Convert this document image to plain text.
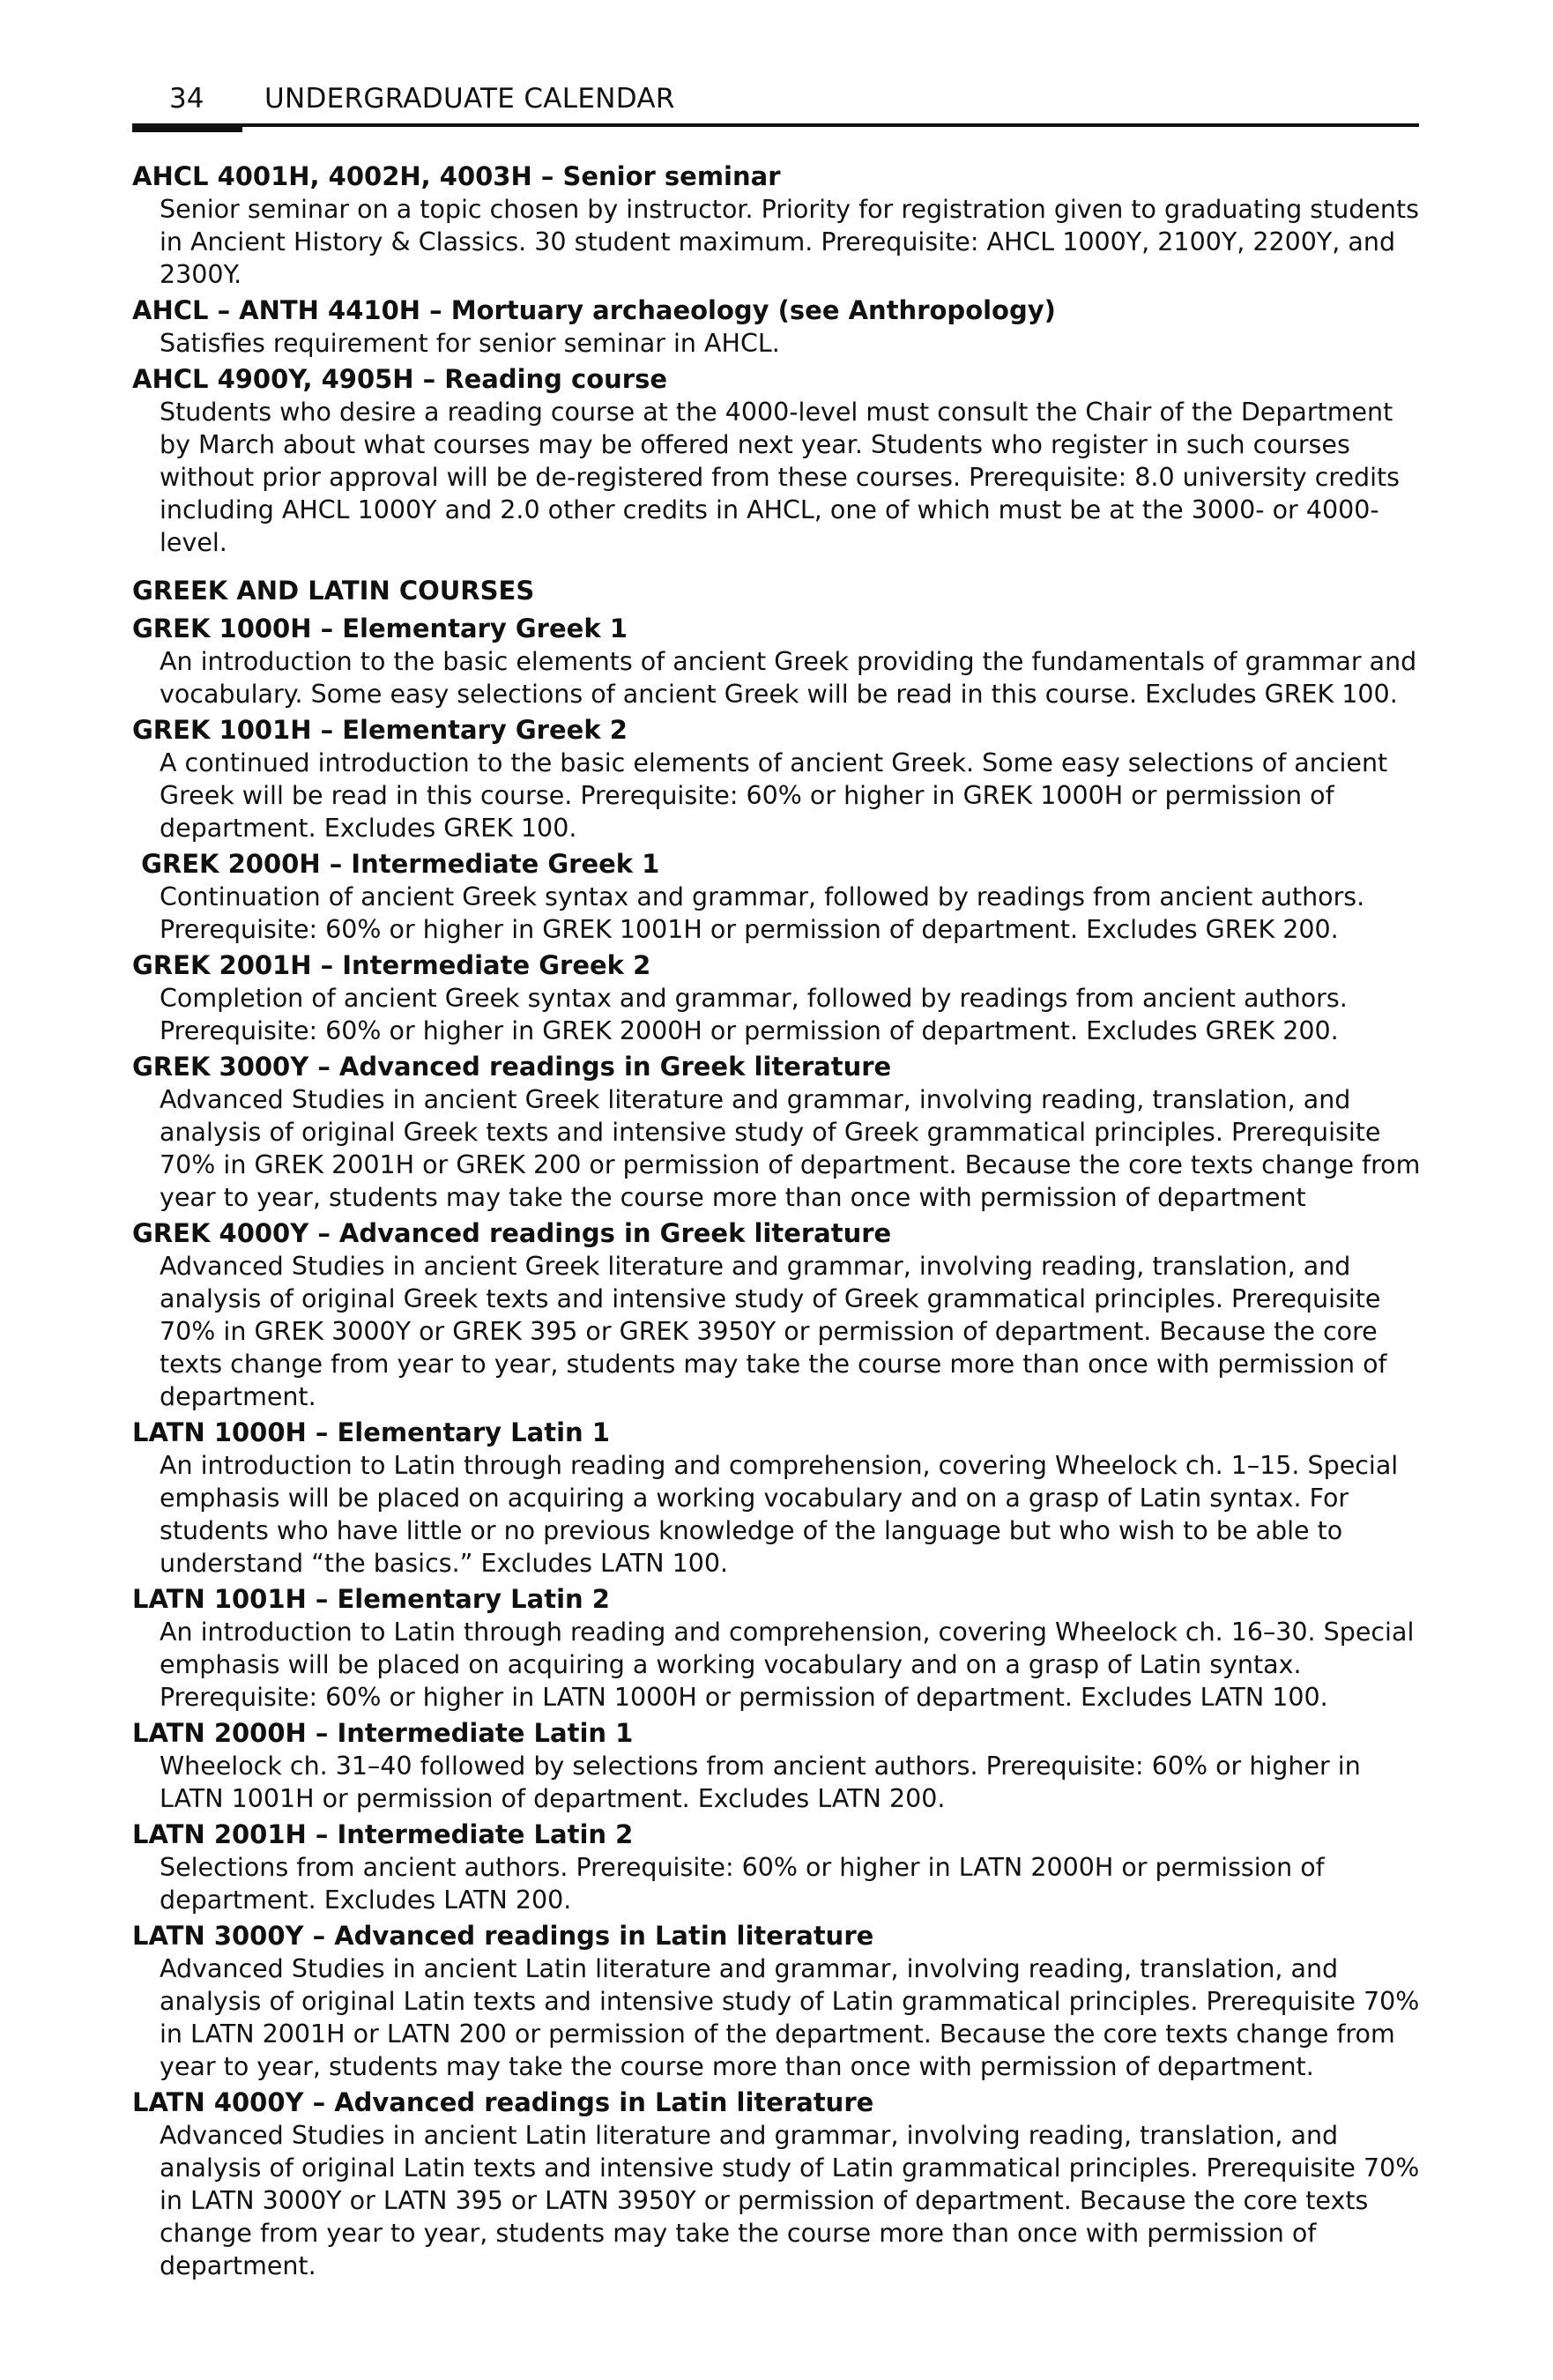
34 UNDERGRADUATE CALENDAR

AHCL 4001H, 4002H, 4003H – Senior seminar

Senior seminar on a topic chosen by instructor. Priority for registration given to graduating students in Ancient History & Classics. 30 student maximum. Prerequisite: AHCL 1000Y, 2100Y, 2200Y, and 2300Y.

AHCL – ANTH 4410H – Mortuary archaeology (see Anthropology)

Satisfies requirement for senior seminar in AHCL.

AHCL 4900Y, 4905H – Reading course

Students who desire a reading course at the 4000-level must consult the Chair of the Department by March about what courses may be offered next year. Students who register in such courses without prior approval will be de-registered from these courses. Prerequisite: 8.0 university credits including AHCL 1000Y and 2.0 other credits in AHCL, one of which must be at the 3000- or 4000-level.

GREEK AND LATIN COURSES

GREK 1000H – Elementary Greek 1

An introduction to the basic elements of ancient Greek providing the fundamentals of grammar and vocabulary. Some easy selections of ancient Greek will be read in this course. Excludes GREK 100.

GREK 1001H – Elementary Greek 2

A continued introduction to the basic elements of ancient Greek. Some easy selections of ancient Greek will be read in this course. Prerequisite: 60% or higher in GREK 1000H or permission of department. Excludes GREK 100.

GREK 2000H – Intermediate Greek 1

Continuation of ancient Greek syntax and grammar, followed by readings from ancient authors. Prerequisite: 60% or higher in GREK 1001H or permission of department. Excludes GREK 200.

GREK 2001H – Intermediate Greek 2

Completion of ancient Greek syntax and grammar, followed by readings from ancient authors. Prerequisite: 60% or higher in GREK 2000H or permission of department. Excludes GREK 200.

GREK 3000Y – Advanced readings in Greek literature

Advanced Studies in ancient Greek literature and grammar, involving reading, translation, and analysis of original Greek texts and intensive study of Greek grammatical principles. Prerequisite 70% in GREK 2001H or GREK 200 or permission of department. Because the core texts change from year to year, students may take the course more than once with permission of department

GREK 4000Y – Advanced readings in Greek literature

Advanced Studies in ancient Greek literature and grammar, involving reading, translation, and analysis of original Greek texts and intensive study of Greek grammatical principles. Prerequisite 70% in GREK 3000Y or GREK 395 or GREK 3950Y or permission of department. Because the core texts change from year to year, students may take the course more than once with permission of department.

LATN 1000H – Elementary Latin 1

An introduction to Latin through reading and comprehension, covering Wheelock ch. 1–15. Special emphasis will be placed on acquiring a working vocabulary and on a grasp of Latin syntax. For students who have little or no previous knowledge of the language but who wish to be able to understand “the basics.” Excludes LATN 100.

LATN 1001H – Elementary Latin 2

An introduction to Latin through reading and comprehension, covering Wheelock ch. 16–30. Special emphasis will be placed on acquiring a working vocabulary and on a grasp of Latin syntax. Prerequisite: 60% or higher in LATN 1000H or permission of department. Excludes LATN 100.

LATN 2000H – Intermediate Latin 1

Wheelock ch. 31–40 followed by selections from ancient authors. Prerequisite: 60% or higher in LATN 1001H or permission of department. Excludes LATN 200.

LATN 2001H – Intermediate Latin 2

Selections from ancient authors. Prerequisite: 60% or higher in LATN 2000H or permission of department. Excludes LATN 200.

LATN 3000Y – Advanced readings in Latin literature

Advanced Studies in ancient Latin literature and grammar, involving reading, translation, and analysis of original Latin texts and intensive study of Latin grammatical principles. Prerequisite 70% in LATN 2001H or LATN 200 or permission of the department. Because the core texts change from year to year, students may take the course more than once with permission of department.

LATN 4000Y – Advanced readings in Latin literature

Advanced Studies in ancient Latin literature and grammar, involving reading, translation, and analysis of original Latin texts and intensive study of Latin grammatical principles. Prerequisite 70% in LATN 3000Y or LATN 395 or LATN 3950Y or permission of department. Because the core texts change from year to year, students may take the course more than once with permission of department.
